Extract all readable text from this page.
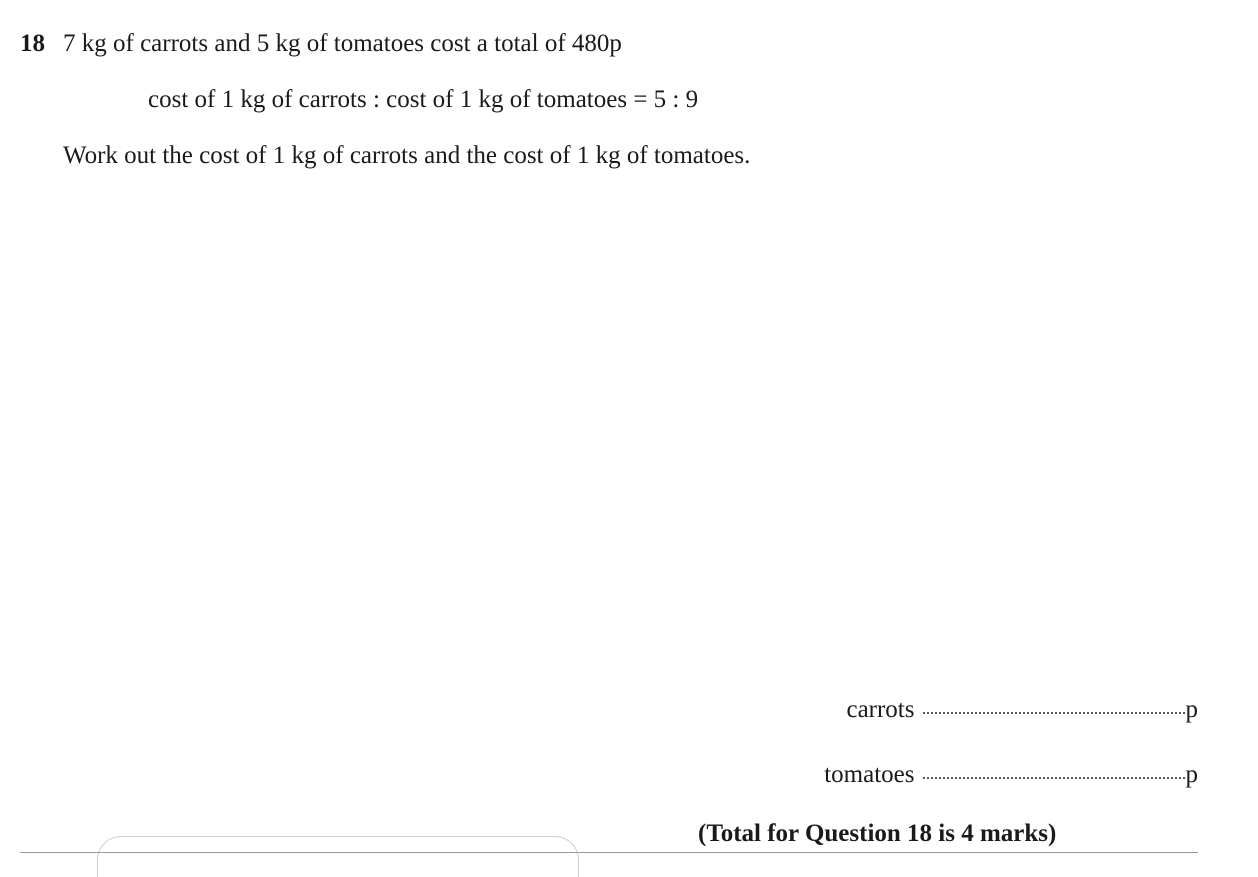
18 7 kg of carrots and 5 kg of tomatoes cost a total of 480p
cost of 1 kg of carrots : cost of 1 kg of tomatoes = 5 : 9
Work out the cost of 1 kg of carrots and the cost of 1 kg of tomatoes.
carrots	p
tomatoes	p
(Total for Question 18 is 4 marks)
